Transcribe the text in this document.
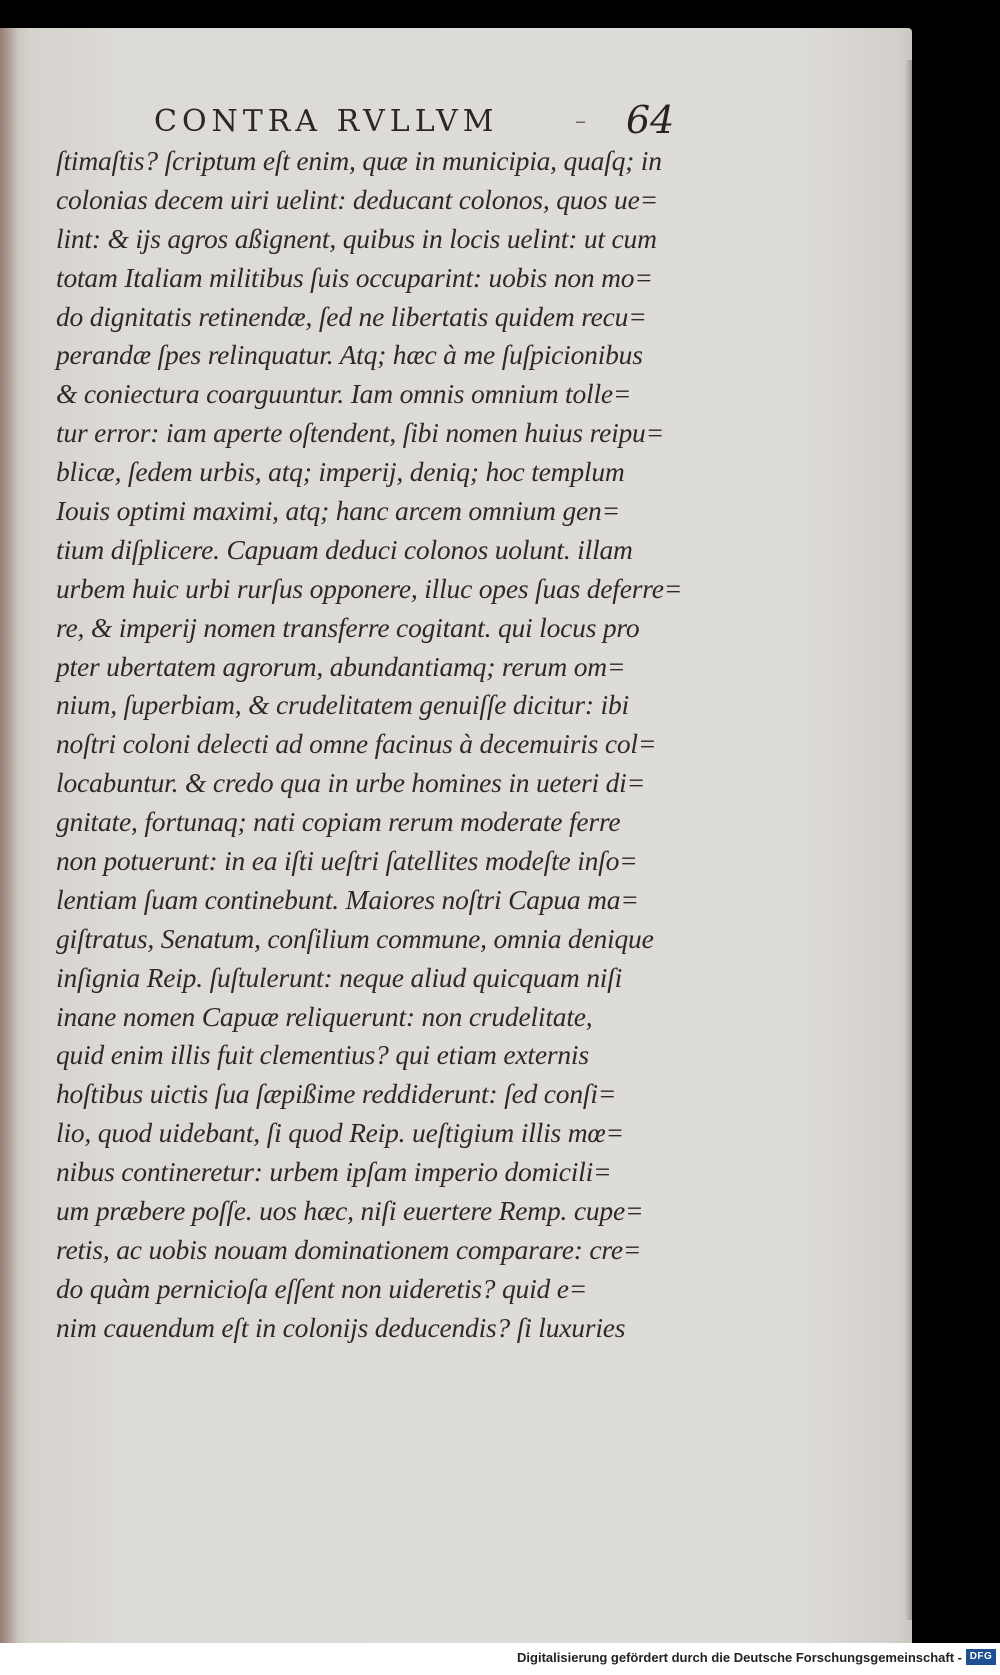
CONTRA RVLLVM	– 64
ſtimaſtis? ſcriptum eſt enim, quæ in municipia, quaſq; in
colonias decem uiri uelint: deducant colonos, quos ue=
lint: & ijs agros aßignent, quibus in locis uelint: ut cum
totam Italiam militibus ſuis occuparint: uobis non mo=
do dignitatis retinendæ, ſed ne libertatis quidem recu=
perandæ ſpes relinquatur. Atq; hæc à me ſuſpicionibus
& coniectura coarguuntur. Iam omnis omnium tolle=
tur error: iam aperte oſtendent, ſibi nomen huius reipu=
blicæ, ſedem urbis, atq; imperij, deniq; hoc templum
Iouis optimi maximi, atq; hanc arcem omnium gen=
tium diſplicere. Capuam deduci colonos uolunt. illam
urbem huic urbi rurſus opponere, illuc opes ſuas deferre=
re, & imperij nomen transferre cogitant. qui locus pro
pter ubertatem agrorum, abundantiamq; rerum om=
nium, ſuperbiam, & crudelitatem genuiſſe dicitur: ibi
noſtri coloni delecti ad omne facinus à decemuiris col=
locabuntur. & credo qua in urbe homines in ueteri di=
gnitate, fortunaq; nati copiam rerum moderate ferre
non potuerunt: in ea iſti ueſtri ſatellites modeſte inſo=
lentiam ſuam continebunt. Maiores noſtri Capua ma=
giſtratus, Senatum, conſilium commune, omnia denique
inſignia Reip. ſuſtulerunt: neque aliud quicquam niſi
inane nomen Capuæ reliquerunt: non crudelitate,
quid enim illis fuit clementius? qui etiam externis
hoſtibus uictis ſua ſæpißime reddiderunt: ſed conſi=
lio, quod uidebant, ſi quod Reip. ueſtigium illis mœ=
nibus contineretur: urbem ipſam imperio domicili=
um præbere poſſe. uos hæc, niſi euertere Remp. cupe=
retis, ac uobis nouam dominationem comparare: cre=
do quàm pernicioſa eſſent non uideretis? quid e=
nim cauendum eſt in colonijs deducendis? ſi luxuries
Digitalisierung gefördert durch die Deutsche Forschungsgemeinschaft - DFG
